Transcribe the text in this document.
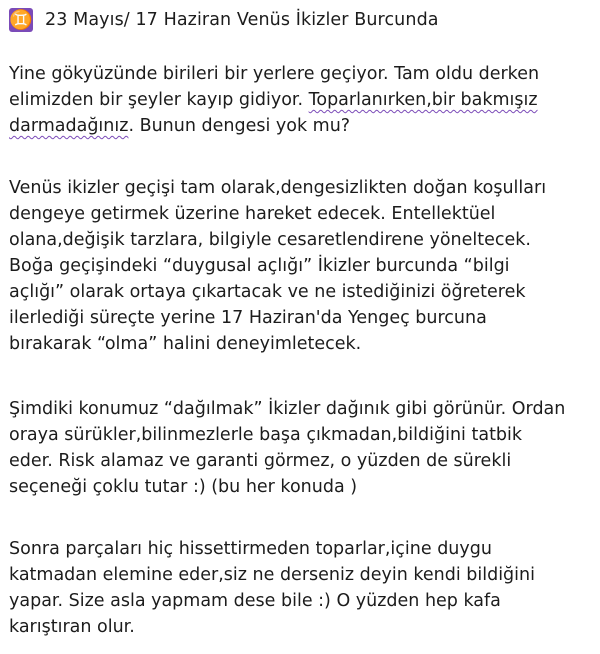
♊ 23 Mayıs/ 17 Haziran Venüs İkizler Burcunda
Yine gökyüzünde birileri bir yerlere geçiyor. Tam oldu derken
elimizden bir şeyler kayıp gidiyor. Toparlanırken,bir bakmışız
darmadağınız. Bunun dengesi yok mu?
Venüs ikizler geçişi tam olarak,dengesizlikten doğan koşulları
dengeye getirmek üzerine hareket edecek. Entellektüel
olana,değişik tarzlara, bilgiyle cesaretlendirene yöneltecek.
Boğa geçişindeki “duygusal açlığı” İkizler burcunda “bilgi
açlığı” olarak ortaya çıkartacak ve ne istediğinizi öğreterek
ilerlediği süreçte yerine 17 Haziran'da Yengeç burcuna
bırakarak “olma” halini deneyimletecek.
Şimdiki konumuz “dağılmak” İkizler dağınık gibi görünür. Ordan
oraya sürükler,bilinmezlerle başa çıkmadan,bildiğini tatbik
eder. Risk alamaz ve garanti görmez, o yüzden de sürekli
seçeneği çoklu tutar :) (bu her konuda )
Sonra parçaları hiç hissettirmeden toparlar,içine duygu
katmadan elemine eder,siz ne derseniz deyin kendi bildiğini
yapar. Size asla yapmam dese bile :) O yüzden hep kafa
karıştıran olur.
